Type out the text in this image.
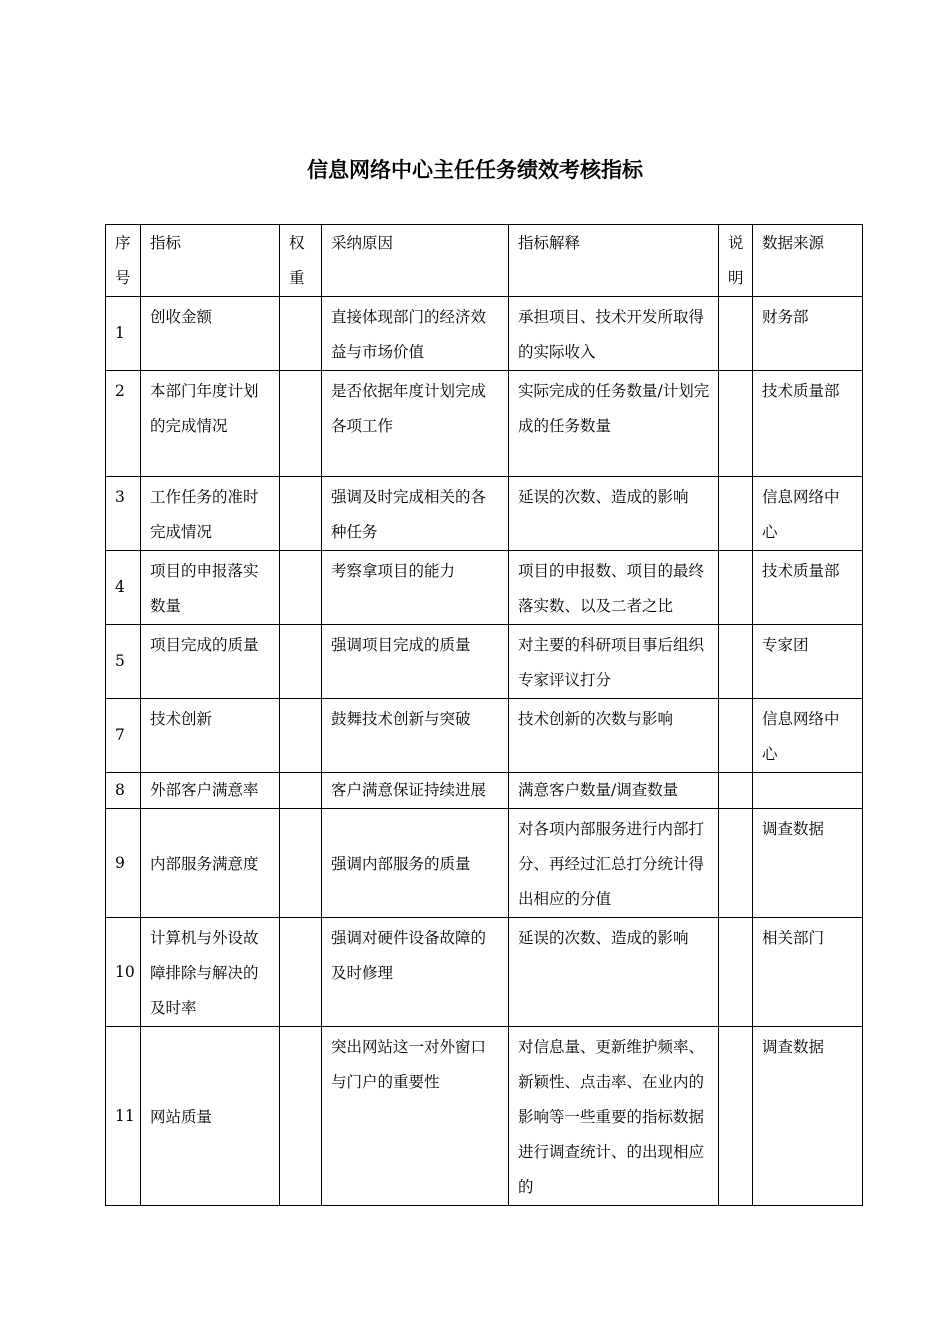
信息网络中心主任任务绩效考核指标
序号	指标	权重	采纳原因	指标解释	说明	数据来源
1	创收金额		直接体现部门的经济效益与市场价值	承担项目、技术开发所取得的实际收入		财务部
2	本部门年度计划的完成情况		是否依据年度计划完成各项工作	实际完成的任务数量/计划完成的任务数量		技术质量部
3	工作任务的准时完成情况		强调及时完成相关的各种任务	延误的次数、造成的影响		信息网络中心
4	项目的申报落实数量		考察拿项目的能力	项目的申报数、项目的最终落实数、以及二者之比		技术质量部
5	项目完成的质量		强调项目完成的质量	对主要的科研项目事后组织专家评议打分		专家团
7	技术创新		鼓舞技术创新与突破	技术创新的次数与影响		信息网络中心
8	外部客户满意率		客户满意保证持续进展	满意客户数量/调查数量		
9	内部服务满意度		强调内部服务的质量	对各项内部服务进行内部打分、再经过汇总打分统计得出相应的分值		调查数据
10	计算机与外设故障排除与解决的及时率		强调对硬件设备故障的及时修理	延误的次数、造成的影响		相关部门
11	网站质量		突出网站这一对外窗口与门户的重要性	对信息量、更新维护频率、新颖性、点击率、在业内的影响等一些重要的指标数据进行调查统计、的出现相应的		调查数据
